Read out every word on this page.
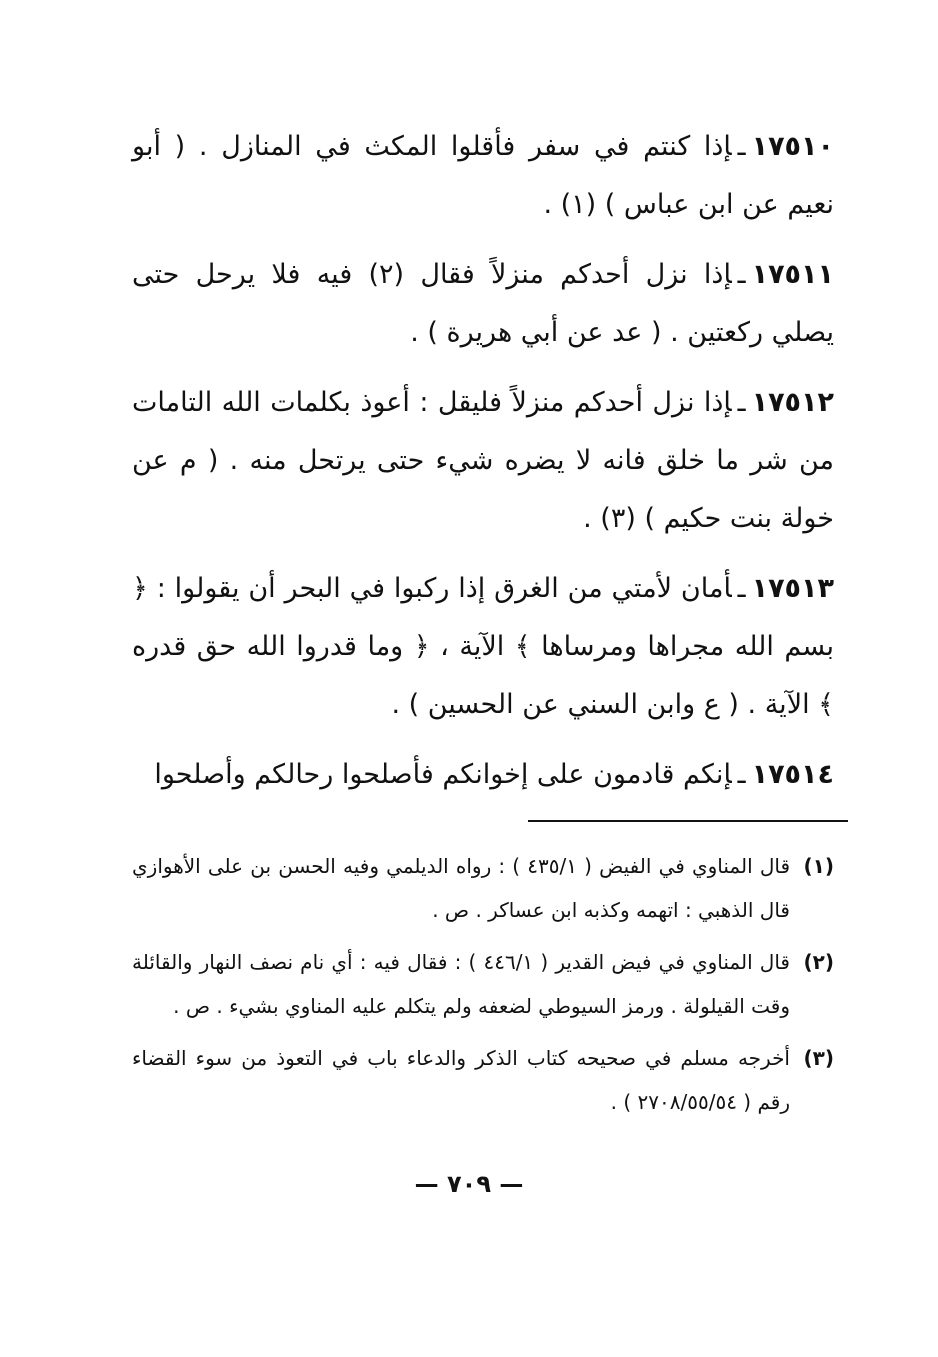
١٧٥١٠ـإذا كنتم في سفر فأقلوا المكث في المنازل . ( أبو نعيم عن ابن عباس ) (١) .

١٧٥١١ـإذا نزل أحدكم منزلاً فقال (٢) فيه فلا يرحل حتى يصلي ركعتين . ( عد عن أبي هريرة ) .

١٧٥١٢ـإذا نزل أحدكم منزلاً فليقل : أعوذ بكلمات الله التامات من شر ما خلق فانه لا يضره شيء حتى يرتحل منه . ( م عن خولة بنت حكيم ) (٣) .

١٧٥١٣ـأمان لأمتي من الغرق إذا ركبوا في البحر أن يقولوا : ﴿ بسم الله مجراها ومرساها ﴾ الآية ، ﴿ وما قدروا الله حق قدره ﴾ الآية . ( ع وابن السني عن الحسين ) .

١٧٥١٤ـإنكم قادمون على إخوانكم فأصلحوا رحالكم وأصلحوا

(١)
قال المناوي في الفيض ( ٤٣٥/١ ) : رواه الديلمي وفيه الحسن بن على الأهوازي قال الذهبي : اتهمه وكذبه ابن عساكر . ص .
(٢)
قال المناوي في فيض القدير ( ٤٤٦/١ ) : فقال فيه : أي نام نصف النهار والقائلة وقت القيلولة . ورمز السيوطي لضعفه ولم يتكلم عليه المناوي بشيء . ص .
(٣)
أخرجه مسلم في صحيحه كتاب الذكر والدعاء باب في التعوذ من سوء القضاء رقم ( ٢٧٠٨/٥٥/٥٤ ) .
— ٧٠٩ —
